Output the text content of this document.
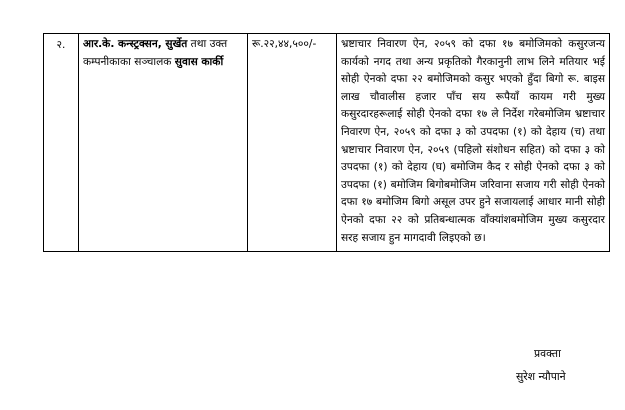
२.	आर.के. कन्स्ट्रक्सन, सुर्खेत तथा उक्त कम्पनीकाका सञ्चालक सुवास कार्की	रू.२२,४४,५००/-	भ्रष्टाचार निवारण ऐन, २०५९ को दफा १७ बमोजिमको कसुरजन्य कार्यको नगद तथा अन्य प्रकृतिको गैरकानुनी लाभ लिने मतियार भई सोही ऐनको दफा २२ बमोजिमको कसुर भएको हुँदा बिगो रू. बाइस लाख चौवालीस हजार पाँच सय रूपैयाँ कायम गरी मुख्य कसुरदारहरूलाई सोही ऐनको दफा १७ ले निर्देश गरेबमोजिम भ्रष्टाचार निवारण ऐन, २०५९ को दफा ३ को उपदफा (१) को देहाय (च) तथा भ्रष्टाचार निवारण ऐन, २०५९ (पहिलो संशोधन सहित) को दफा ३ को उपदफा (१) को देहाय (घ) बमोजिम कैद र सोही ऐनको दफा ३ को उपदफा (१) बमोजिम बिगोबमोजिम जरिवाना सजाय गरी सोही ऐनको दफा १७ बमोजिम बिगो असूल उपर हुने सजायलाई आधार मानी सोही ऐनको दफा २२ को प्रतिबन्धात्मक वाँक्यांशबमोजिम मुख्य कसुरदार सरह सजाय हुन मागदावी लिइएको छ।
प्रवक्ता
सुरेश न्यौपाने
